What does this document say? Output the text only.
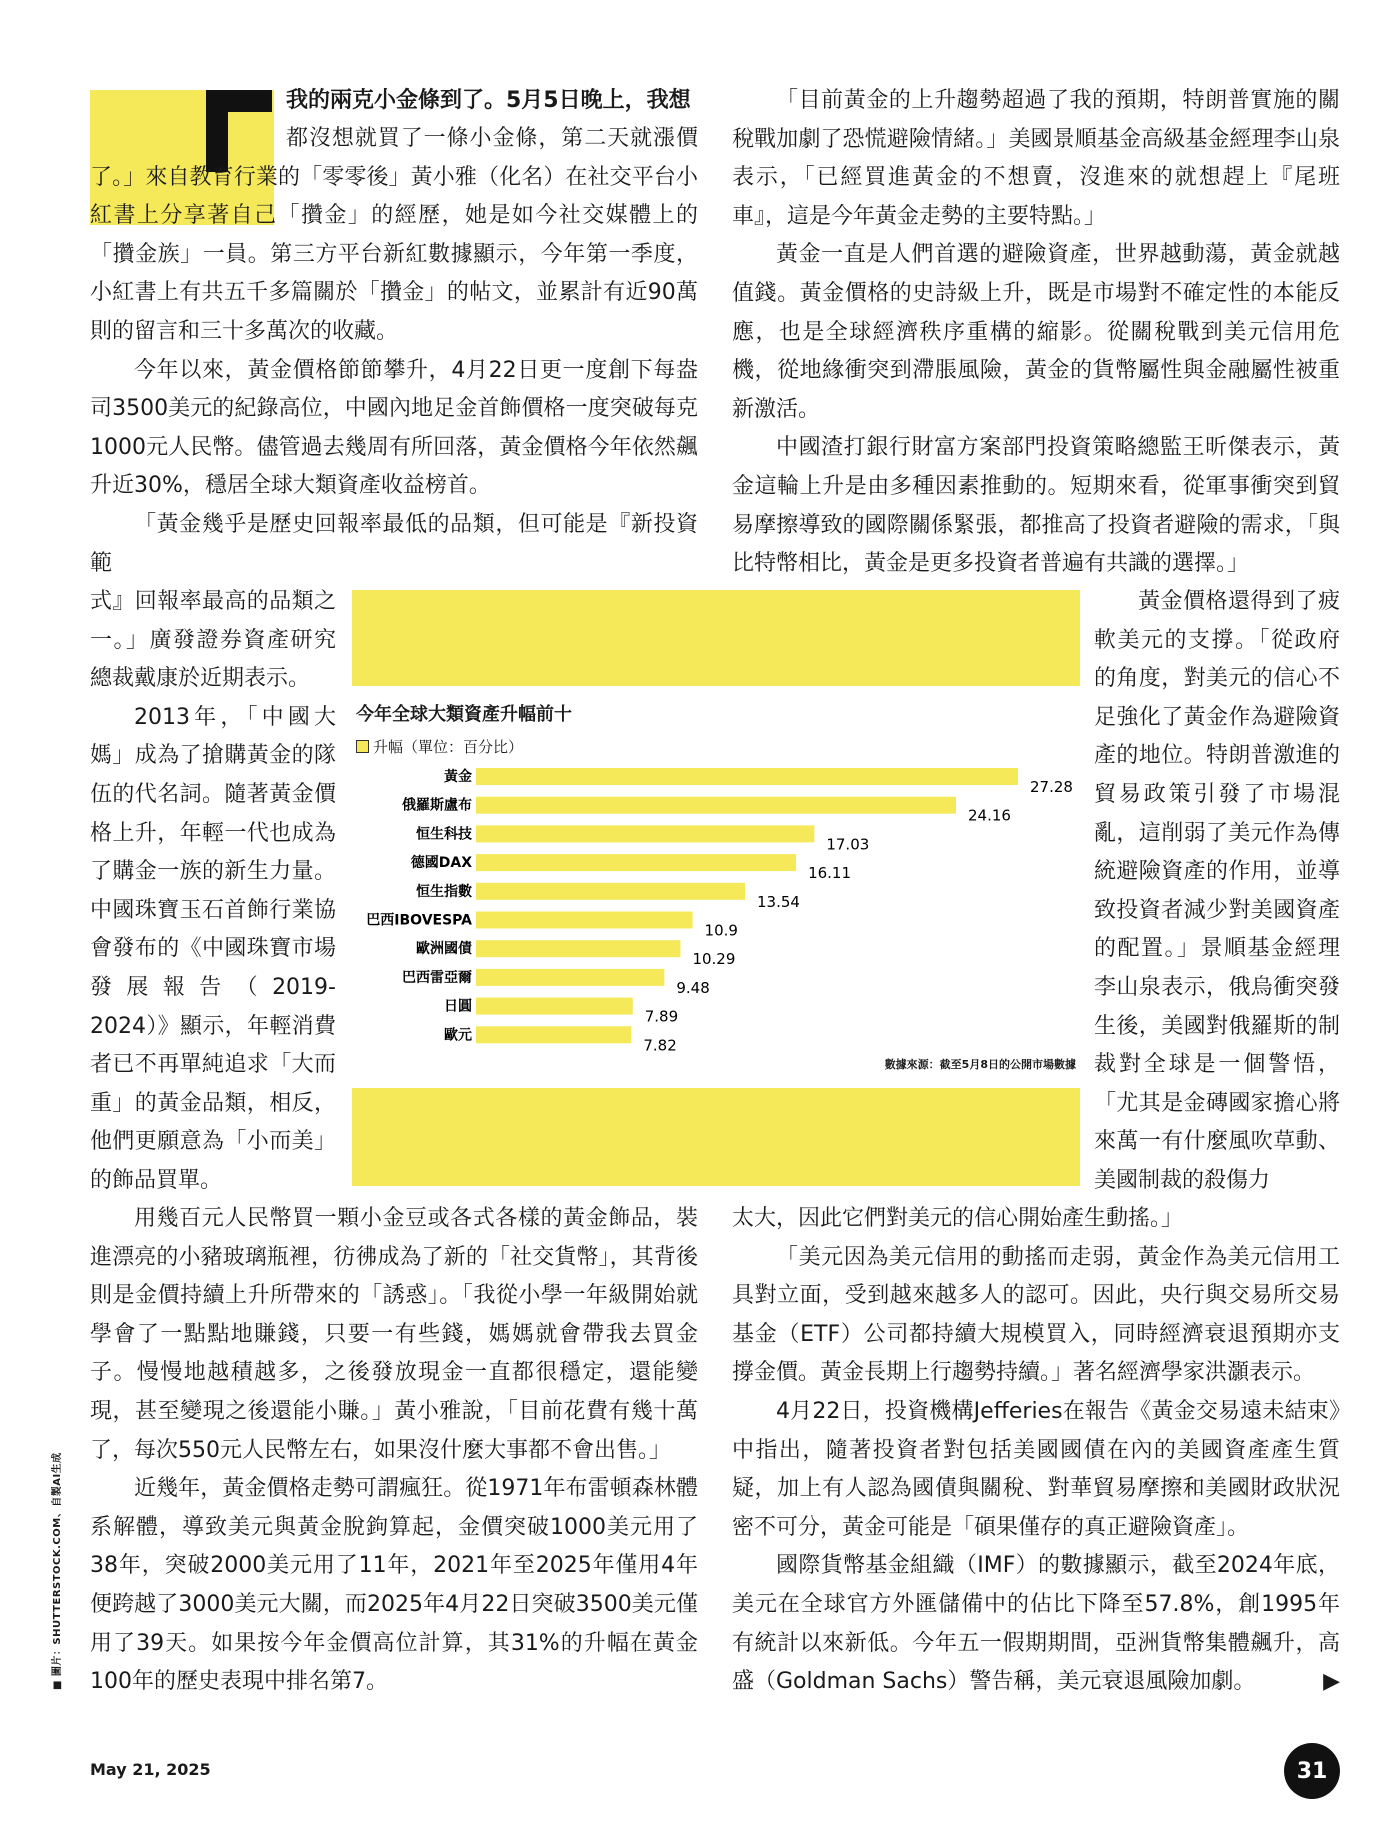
我的兩克小金條到了。5月5日晚上，我想

都沒想就買了一條小金條，第二天就漲價了。」來自教育行業的「零零後」黃小雅（化名）在社交平台小紅書上分享著自己「攢金」的經歷，她是如今社交媒體上的「攢金族」一員。第三方平台新紅數據顯示，今年第一季度，小紅書上有共五千多篇關於「攢金」的帖文，並累計有近90萬則的留言和三十多萬次的收藏。

今年以來，黃金價格節節攀升，4月22日更一度創下每盎司3500美元的紀錄高位，中國內地足金首飾價格一度突破每克1000元人民幣。儘管過去幾周有所回落，黃金價格今年依然飆升近30%，穩居全球大類資產收益榜首。

「黃金幾乎是歷史回報率最低的品類，但可能是『新投資範

式』回報率最高的品類之一。」廣發證券資產研究總裁戴康於近期表示。

2013年，「中國大媽」成為了搶購黃金的隊伍的代名詞。隨著黃金價格上升，年輕一代也成為了購金一族的新生力量。中國珠寶玉石首飾行業協會發布的《中國珠寶市場發展報告（2019-2024）》顯示，年輕消費者已不再單純追求「大而重」的黃金品類，相反，他們更願意為「小而美」的飾品買單。

用幾百元人民幣買一顆小金豆或各式各樣的黃金飾品，裝進漂亮的小豬玻璃瓶裡，彷彿成為了新的「社交貨幣」，其背後則是金價持續上升所帶來的「誘惑」。「我從小學一年級開始就學會了一點點地賺錢，只要一有些錢，媽媽就會帶我去買金子。慢慢地越積越多，之後發放現金一直都很穩定，還能變現，甚至變現之後還能小賺。」黃小雅說，「目前花費有幾十萬了，每次550元人民幣左右，如果沒什麼大事都不會出售。」

近幾年，黃金價格走勢可謂瘋狂。從1971年布雷頓森林體系解體，導致美元與黃金脫鉤算起，金價突破1000美元用了38年，突破2000美元用了11年，2021年至2025年僅用4年便跨越了3000美元大關，而2025年4月22日突破3500美元僅用了39天。如果按今年金價高位計算，其31%的升幅在黃金100年的歷史表現中排名第7。

「目前黃金的上升趨勢超過了我的預期，特朗普實施的關稅戰加劇了恐慌避險情緒。」美國景順基金高級基金經理李山泉表示，「已經買進黃金的不想賣，沒進來的就想趕上『尾班車』，這是今年黃金走勢的主要特點。」

黃金一直是人們首選的避險資產，世界越動蕩，黃金就越值錢。黃金價格的史詩級上升，既是市場對不確定性的本能反應，也是全球經濟秩序重構的縮影。從關稅戰到美元信用危機，從地緣衝突到滯脹風險，黃金的貨幣屬性與金融屬性被重新激活。

中國渣打銀行財富方案部門投資策略總監王昕傑表示，黃金這輪上升是由多種因素推動的。短期來看，從軍事衝突到貿易摩擦導致的國際關係緊張，都推高了投資者避險的需求，「與比特幣相比，黃金是更多投資者普遍有共識的選擇。」

黃金價格還得到了疲軟美元的支撐。「從政府的角度，對美元的信心不足強化了黃金作為避險資產的地位。特朗普激進的貿易政策引發了市場混亂，這削弱了美元作為傳統避險資產的作用，並導致投資者減少對美國資產的配置。」景順基金經理李山泉表示，俄烏衝突發生後，美國對俄羅斯的制裁對全球是一個警悟，「尤其是金磚國家擔心將來萬一有什麼風吹草動、美國制裁的殺傷力

太大，因此它們對美元的信心開始產生動搖。」

「美元因為美元信用的動搖而走弱，黃金作為美元信用工具對立面，受到越來越多人的認可。因此，央行與交易所交易基金（ETF）公司都持續大規模買入，同時經濟衰退預期亦支撐金價。黃金長期上行趨勢持續。」著名經濟學家洪灝表示。

4月22日，投資機構Jefferies在報告《黃金交易遠未結束》中指出，隨著投資者對包括美國國債在內的美國資產產生質疑，加上有人認為國債與關稅、對華貿易摩擦和美國財政狀況密不可分，黃金可能是「碩果僅存的真正避險資產」。

國際貨幣基金組織（IMF）的數據顯示，截至2024年底，美元在全球官方外匯儲備中的佔比下降至57.8%，創1995年有統計以來新低。今年五一假期期間，亞洲貨幣集體飆升，高盛（Goldman Sachs）警告稱，美元衰退風險加劇。	▶

今年全球大類資產升幅前十
升幅（單位：百分比）
黃金
27.28
俄羅斯盧布
24.16
恒生科技
17.03
德國DAX
16.11
恒生指數
13.54
巴西IBOVESPA
10.9
歐洲國債
10.29
巴西雷亞爾
9.48
日圓
7.89
歐元
7.82
數據來源：截至5月8日的公開市場數據
■ 圖片：SHUTTERSTOCK.COM、自製AI生成
May 21, 2025	31
